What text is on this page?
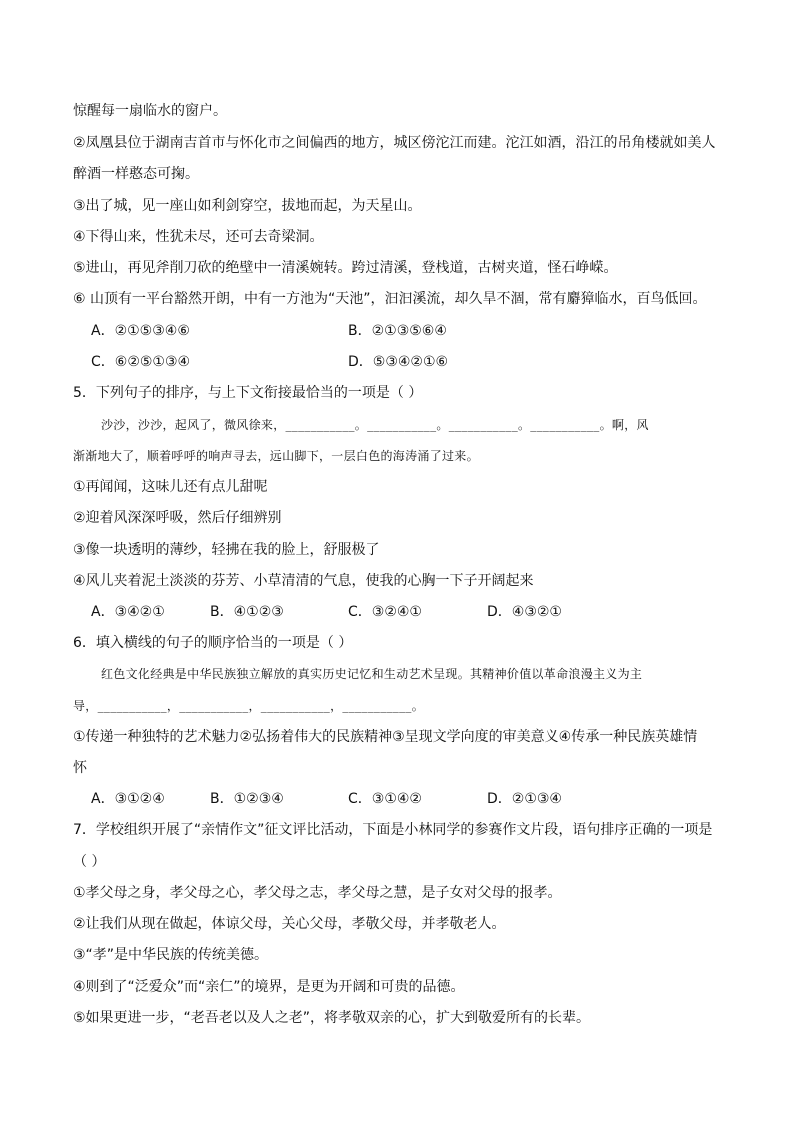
惊醒每一扇临水的窗户。
②凤凰县位于湖南吉首市与怀化市之间偏西的地方，城区傍沱江而建。沱江如酒，沿江的吊角楼就如美人
醉酒一样憨态可掬。
③出了城，见一座山如利剑穿空，拔地而起，为天星山。
④下得山来，性犹未尽，还可去奇梁洞。
⑤进山，再见斧削刀砍的绝壁中一清溪婉转。跨过清溪，登栈道，古树夹道，怪石峥嵘。
⑥ 山顶有一平台豁然开朗，中有一方池为“天池”，汩汩溪流，却久旱不涸，常有麝獐临水，百鸟低回。
A．②①⑤③④⑥	B．②①③⑤⑥④
C．⑥②⑤①③④	D．⑤③④②①⑥
5．下列句子的排序，与上下文衔接最恰当的一项是（ ）
沙沙，沙沙，起风了，微风徐来，___________。___________。___________。___________。啊，风
渐渐地大了，顺着呼呼的响声寻去，远山脚下，一层白色的海涛涌了过来。
①再闻闻，这味儿还有点儿甜呢
②迎着风深深呼吸，然后仔细辨别
③像一块透明的薄纱，轻拂在我的脸上，舒服极了
④风儿夹着泥土淡淡的芬芳、小草清清的气息，使我的心胸一下子开阔起来
A．③④②①	B．④①②③	C．③②④①	D．④③②①
6．填入横线的句子的顺序恰当的一项是（ ）
红色文化经典是中华民族独立解放的真实历史记忆和生动艺术呈现。其精神价值以革命浪漫主义为主
导，___________，___________，___________，___________。
①传递一种独特的艺术魅力②弘扬着伟大的民族精神③呈现文学向度的审美意义④传承一种民族英雄情
怀
A．③①②④	B．①②③④	C．③①④②	D．②①③④
7．学校组织开展了“亲情作文”征文评比活动，下面是小林同学的参赛作文片段，语句排序正确的一项是
（ ）
①孝父母之身，孝父母之心，孝父母之志，孝父母之慧，是子女对父母的报孝。
②让我们从现在做起，体谅父母，关心父母，孝敬父母，并孝敬老人。
③“孝”是中华民族的传统美德。
④则到了“泛爱众”而“亲仁”的境界，是更为开阔和可贵的品德。
⑤如果更进一步，“老吾老以及人之老”，将孝敬双亲的心，扩大到敬爱所有的长辈。
